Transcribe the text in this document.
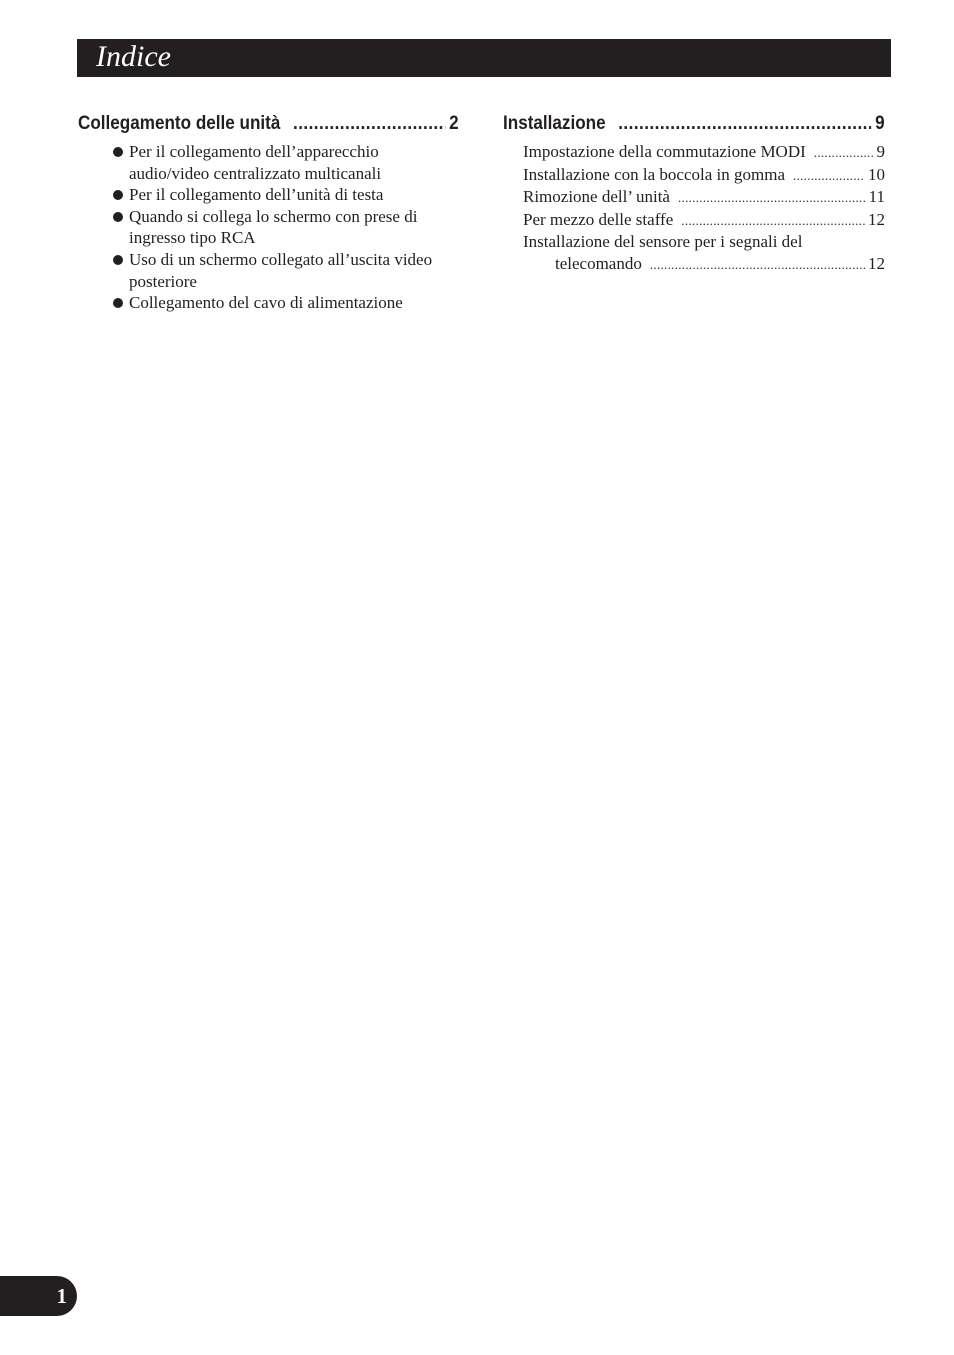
Indice
Collegamento delle unità .....	2
Per il collegamento dell’apparecchio audio/video centralizzato multicanali
Per il collegamento dell’unità di testa
Quando si collega lo schermo con prese di ingresso tipo RCA
Uso di un schermo collegato all’uscita video posteriore
Collegamento del cavo di alimentazione
Installazione .....	9
Impostazione della commutazione MODI .....	9
Installazione con la boccola in gomma .....	10
Rimozione dell’ unità .....	11
Per mezzo delle staffe .....	12
Installazione del sensore per i segnali del
telecomando .....	12
1
